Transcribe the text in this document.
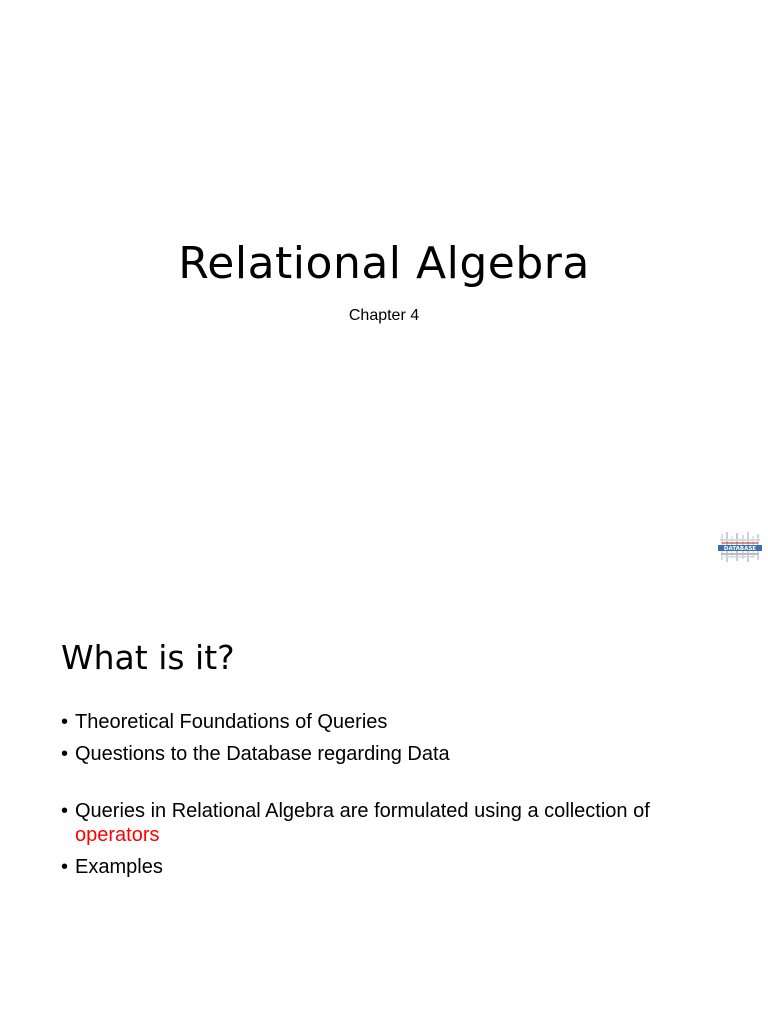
Relational Algebra
Chapter 4
DATABASE
What is it?
• Theoretical Foundations of Queries
• Questions to the Database regarding Data
• Queries in Relational Algebra are formulated using a collection of
operators
• Examples
